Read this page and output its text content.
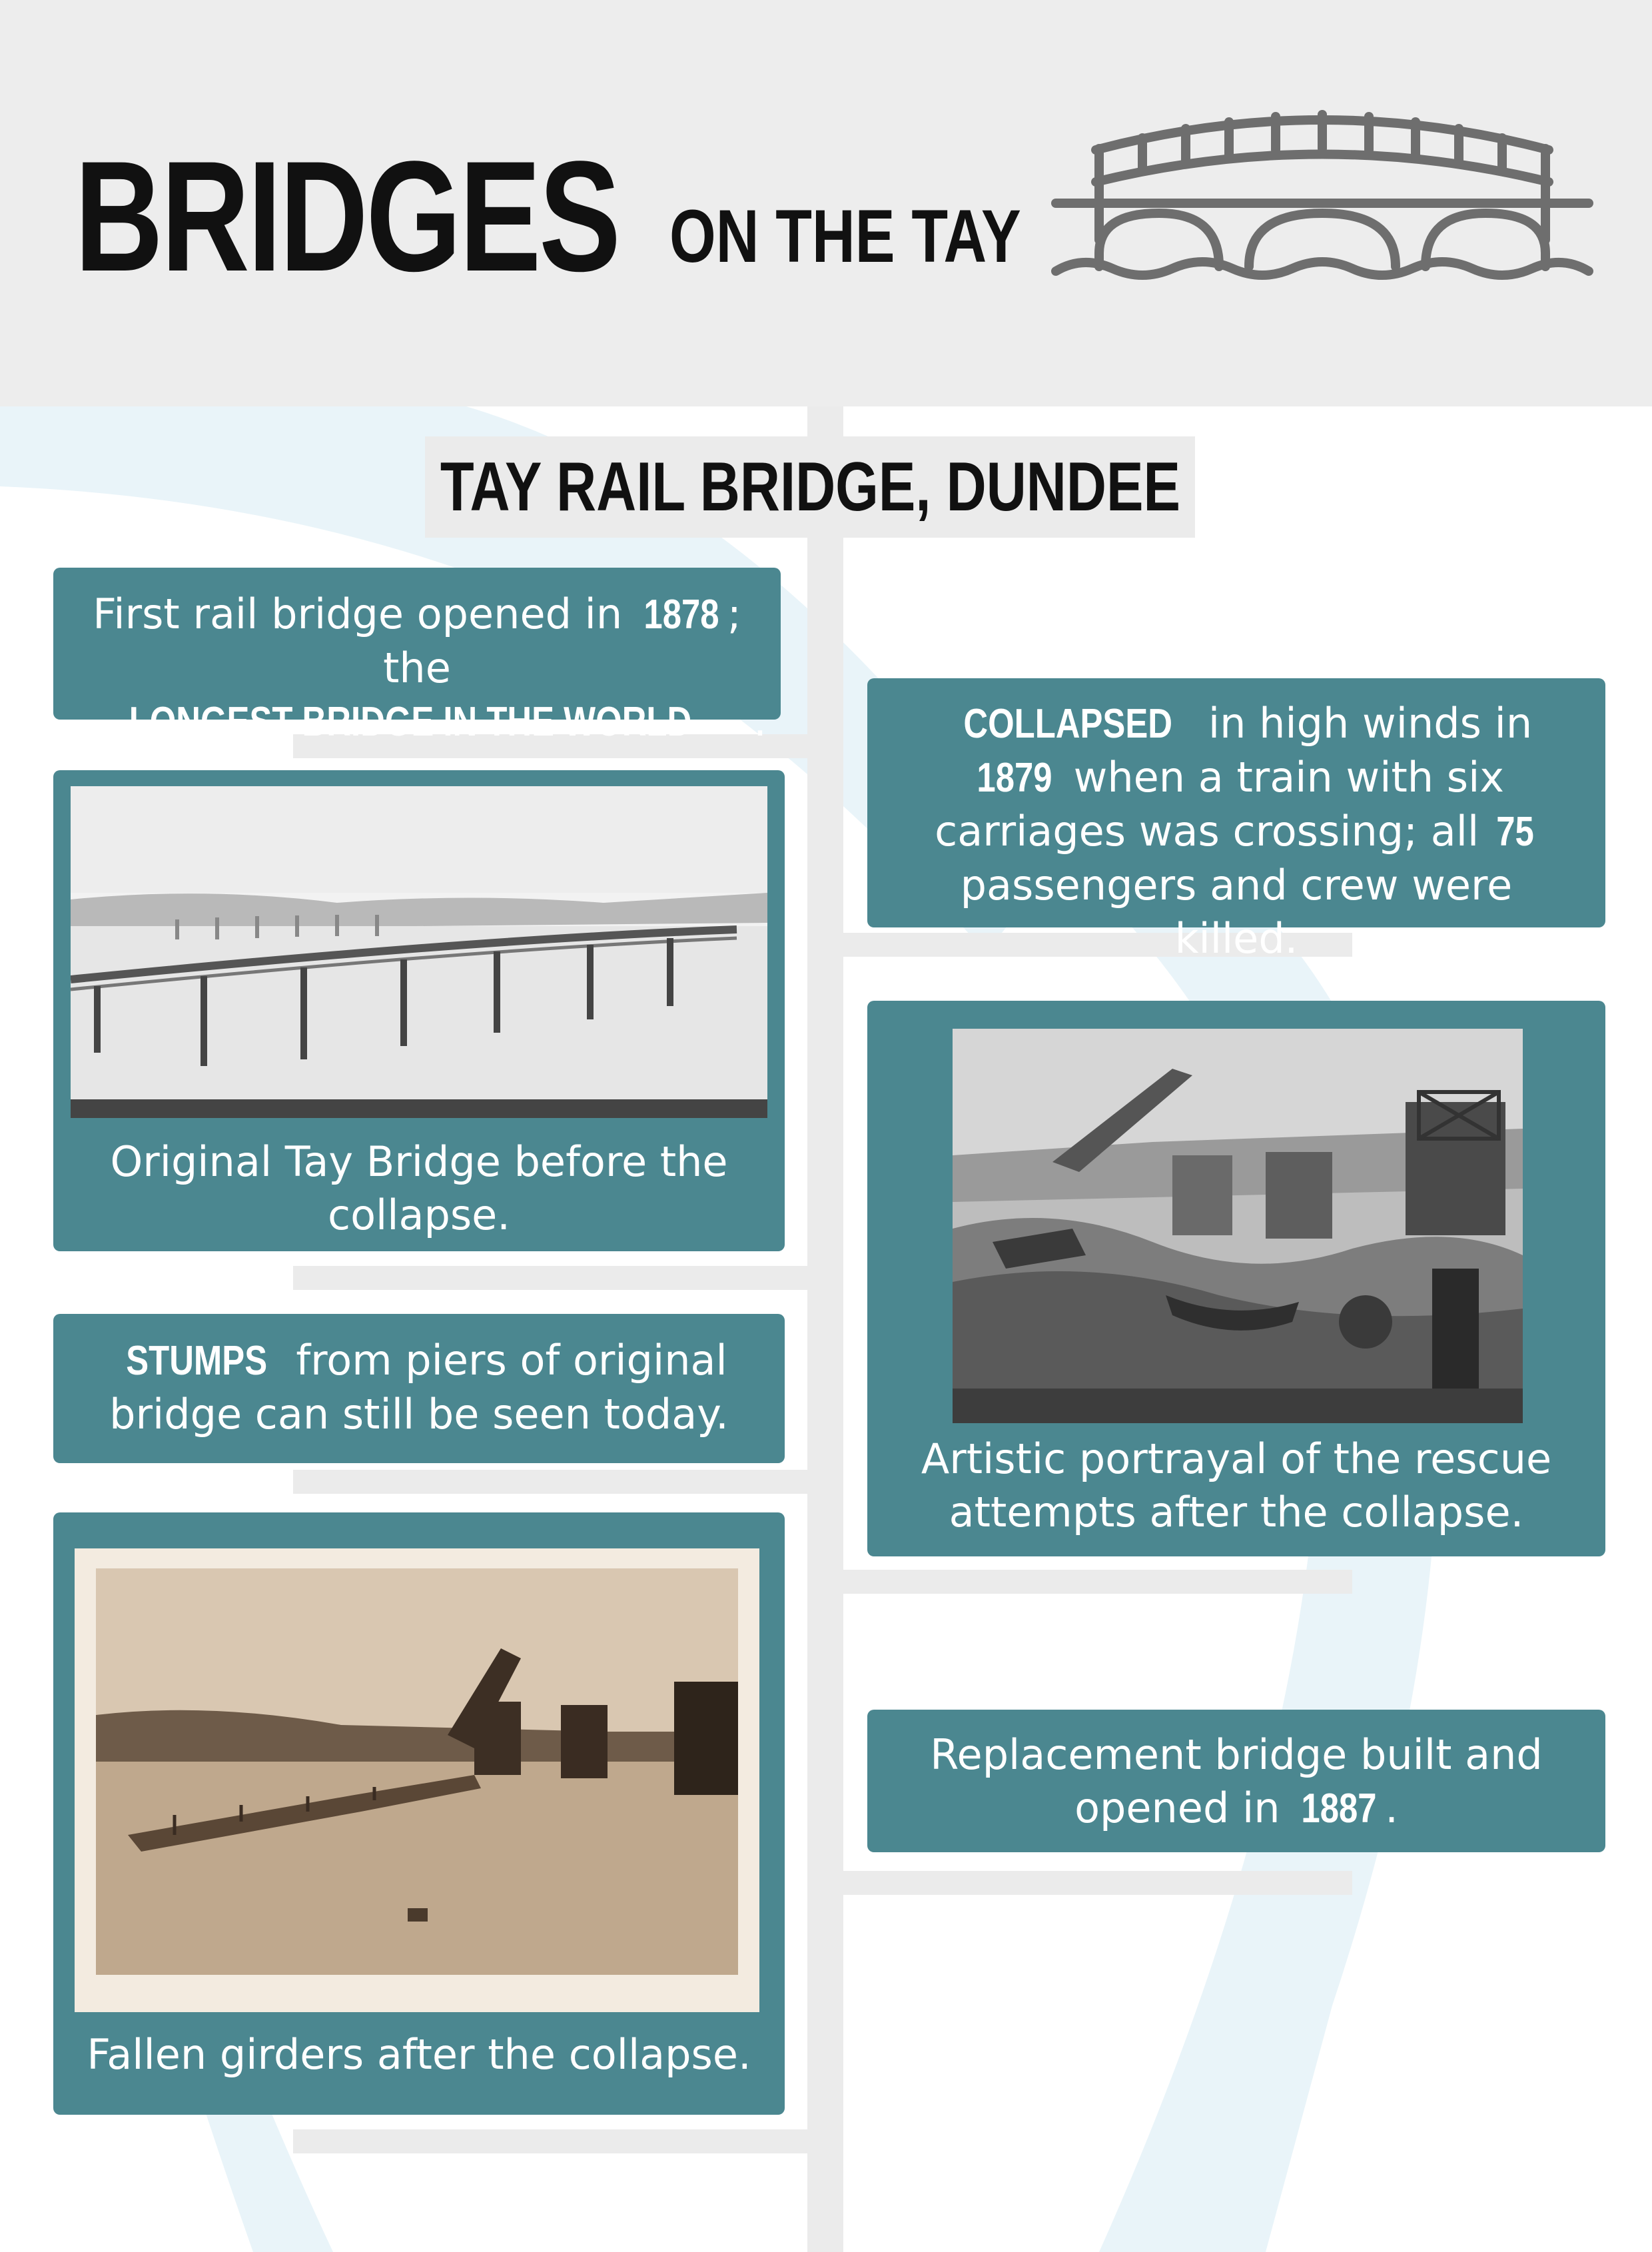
BRIDGES ON THE TAY
TAY RAIL BRIDGE, DUNDEE
First rail bridge opened in 1878 ; the LONGEST BRIDGE IN THE WORLD .	COLLAPSED in high winds in 1879 when a train with six carriages was crossing; all 75 passengers and crew were killed.
Original Tay Bridge before the collapse.
Artistic portrayal of the rescue attempts after the collapse.
STUMPS from piers of original bridge can still be seen today.
Replacement bridge built and opened in 1887 .
Fallen girders after the collapse.
